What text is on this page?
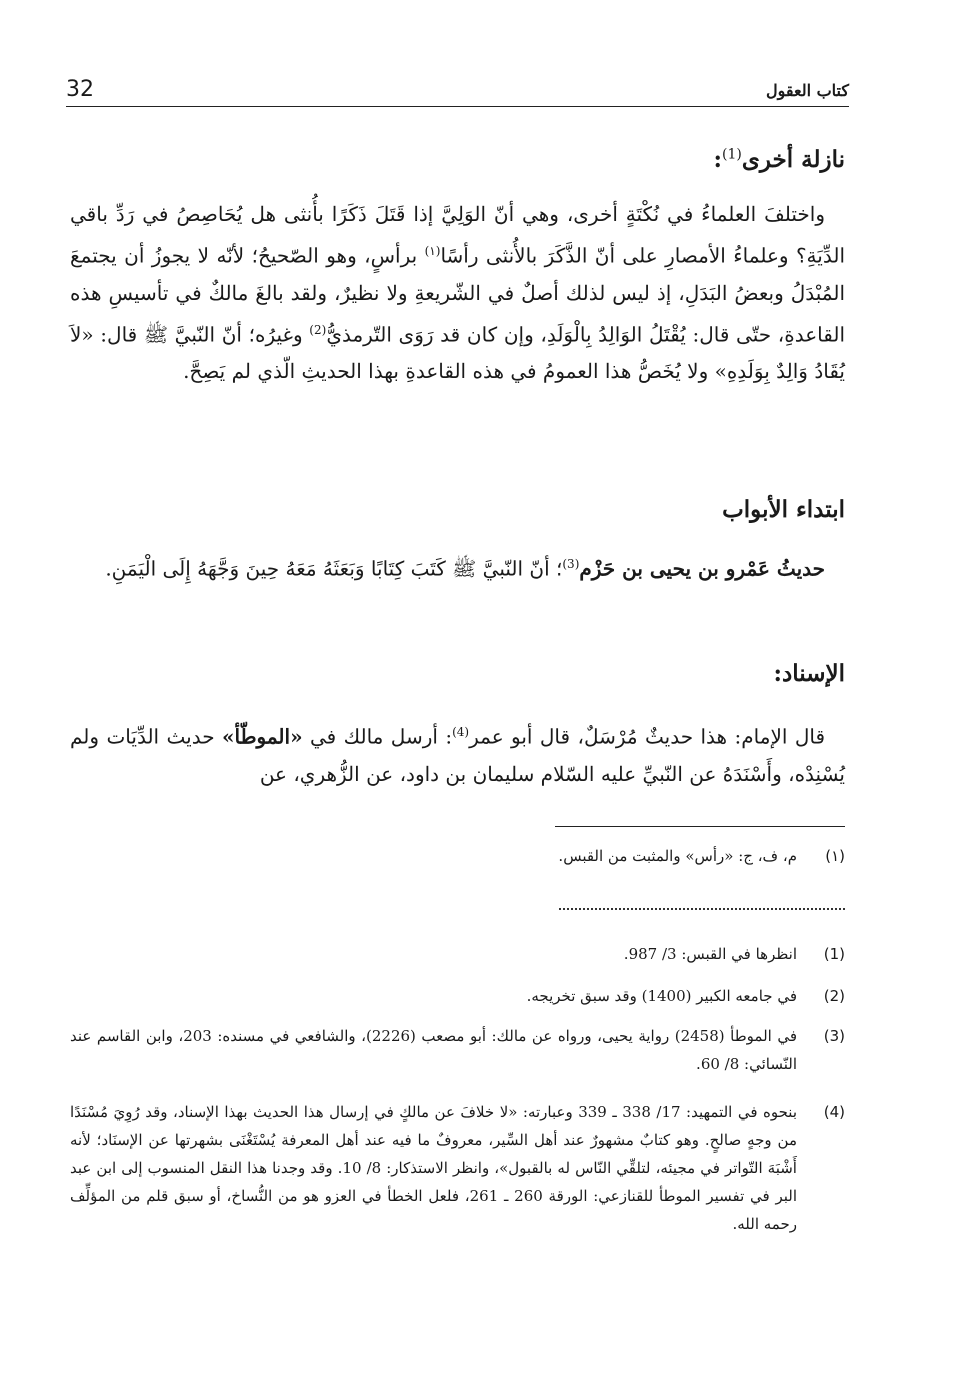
كتاب العقول
32
نازلة أخرى$^{(1)}$:
 واختلفَ العلماءُ في نُكْتَةٍ أخرى، وهي أنّ الوَلِيَّ إذا قَتَلَ ذَكَرًا بأُنثى هل يُحَاصِصُ في رَدِّ باقي الدِّيَةِ؟ وعلماءُ الأمصارِ على أنّ الذَّكَرَ بالأُنثى رأسًا$^{(١)}$ برأسٍ، وهو الصّحيحُ؛ لأنّه لا يجوزُ أن يجتمعَ المُبْدَلُ وبعضُ البَدَلِ، إذ ليس لذلك أصلٌ في الشّريعةِ ولا نظيرٌ، ولقد بالغَ مالكٌ في تأسيسِ هذه القاعدةِ، حتّى قال: يُقْتَلُ الوَالِدُ بِالْوَلَدِ، وإن كان قد رَوَى التّرمذيُّ$^{(2)}$ وغيرُه؛ أنّ النّبيَّ ﷺ قال: «لاَ يُقَادُ وَالِدٌ بِوَلَدِهِ» ولا يُخَصُّ هذا العمومُ في هذه القاعدةِ بهذا الحديثِ الّذي لم يَصِحَّ.
ابتداء الأبواب
 حديثُ عَمْرو بن يحيى بن حَزْم$^{(3)}$؛ أنّ النّبيَّ ﷺ كَتَبَ كِتَابًا وَبَعَثَهُ مَعَهُ حِينَ وَجَّهَهُ إِلَى الْيَمَنِ.
الإسناد:
 قال الإمام: هذا حديثٌ مُرْسَلٌ، قال أبو عمر$^{(4)}$: أرسل مالك في «الموطّأ» حديث الدِّيَات ولم يُسْنِدْه، وأَسْنَدَهُ عن النّبيِّ عليه السّلام سليمان بن داود، عن الزُّهري، عن
(١)
م، ف، ج: «رأس» والمثبت من القبس.
(1)
انظرها في القبس: 3/ 987.
(2)
في جامعه الكبير (1400) وقد سبق تخريجه.
(3)
في الموطأ (2458) رواية يحيى، ورواه عن مالك: أبو مصعب (2226)، والشافعي في مسنده: 203، وابن القاسم عند النّسائي: 8/ 60.
(4)
بنحوه في التمهيد: 17/ 338 ـ 339 وعبارته: «لا خلافَ عن مالكٍ في إرسال هذا الحديث بهذا الإسناد، وقد رُوِيَ مُسْنَدًا من وجهٍ صالحٍ. وهو كتابٌ مشهورٌ عند أهل السِّير، معروفٌ ما فيه عند أهل المعرفة يُسْتَغْنَى بشهرتها عن الإسنَاد؛ لأنه أَشْبَهَ التّواتر في مجيئه، لتلقِّي النّاس له بالقبول»، وانظر الاستذكار: 8/ 10. وقد وجدنا هذا النقل المنسوب إلى ابن عبد البر في تفسير الموطأ للقنازعي: الورقة 260 ـ 261، فلعل الخطأ في العزو هو من النُّساخ، أو سبق قلم من المؤلِّف رحمه الله.
